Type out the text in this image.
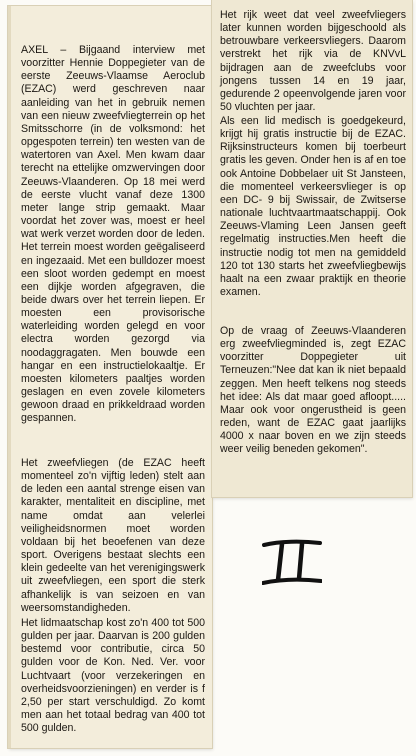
AXEL – Bijgaand interview met voorzitter Hennie Doppegieter van de eerste Zeeuws-Vlaamse Aeroclub (EZAC) werd geschreven naar aanleiding van het in gebruik nemen van een nieuw zweefvliegterrein op het Smitsschorre (in de volksmond: het opgespoten terrein) ten westen van de watertoren van Axel. Men kwam daar terecht na ettelijke omzwervingen door Zeeuws-Vlaanderen. Op 18 mei werd de eerste vlucht vanaf deze 1300 meter lange strip gemaakt. Maar voordat het zover was, moest er heel wat werk verzet worden door de leden. Het terrein moest worden geëgaliseerd en ingezaaid. Met een bulldozer moest een sloot worden gedempt en moest een dijkje worden afgegraven, die beide dwars over het terrein liepen. Er moesten een provisorische waterleiding worden gelegd en voor electra worden gezorgd via noodaggragaten. Men bouwde een hangar en een instructielokaaltje. Er moesten kilometers paaltjes worden geslagen en even zovele kilometers gewoon draad en prikkeldraad worden gespannen.

Het zweefvliegen (de EZAC heeft momenteel zo'n vijftig leden) stelt aan de leden een aantal strenge eisen van karakter, mentaliteit en discipline, met name omdat aan velerlei veiligheidsnormen moet worden voldaan bij het beoefenen van deze sport. Overigens bestaat slechts een klein gedeelte van het verenigingswerk uit zweefvliegen, een sport die sterk afhankelijk is van seizoen en van weersomstandigheden.

Het lidmaatschap kost zo'n 400 tot 500 gulden per jaar. Daarvan is 200 gulden bestemd voor contributie, circa 50 gulden voor de Kon. Ned. Ver. voor Luchtvaart (voor verzekeringen en overheidsvoorzieningen) en verder is f 2,50 per start verschuldigd. Zo komt men aan het totaal bedrag van 400 tot 500 gulden.

Het rijk weet dat veel zweefvliegers later kunnen worden bijgeschoold als betrouwbare verkeersvliegers. Daarom verstrekt het rijk via de KNVvL bijdragen aan de zweefclubs voor jongens tussen 14 en 19 jaar, gedurende 2 opeenvolgende jaren voor 50 vluchten per jaar.

Als een lid medisch is goedgekeurd, krijgt hij gratis instructie bij de EZAC. Rijksinstructeurs komen bij toerbeurt gratis les geven. Onder hen is af en toe ook Antoine Dobbelaer uit St Jansteen, die momenteel verkeersvlieger is op een DC- 9 bij Swissair, de Zwitserse nationale luchtvaartmaatschappij. Ook Zeeuws-Vlaming Leen Jansen geeft regelmatig instructies.Men heeft die instructie nodig tot men na gemiddeld 120 tot 130 starts het zweefvliegbewijs haalt na een zwaar praktijk en theorie examen.

Op de vraag of Zeeuws-Vlaanderen erg zweefvliegminded is, zegt EZAC voorzitter Doppegieter uit Terneuzen:"Nee dat kan ik niet bepaald zeggen. Men heeft telkens nog steeds het idee: Als dat maar goed afloopt..... Maar ook voor ongerustheid is geen reden, want de EZAC gaat jaarlijks 4000 x naar boven en we zijn steeds weer veilig beneden gekomen".
